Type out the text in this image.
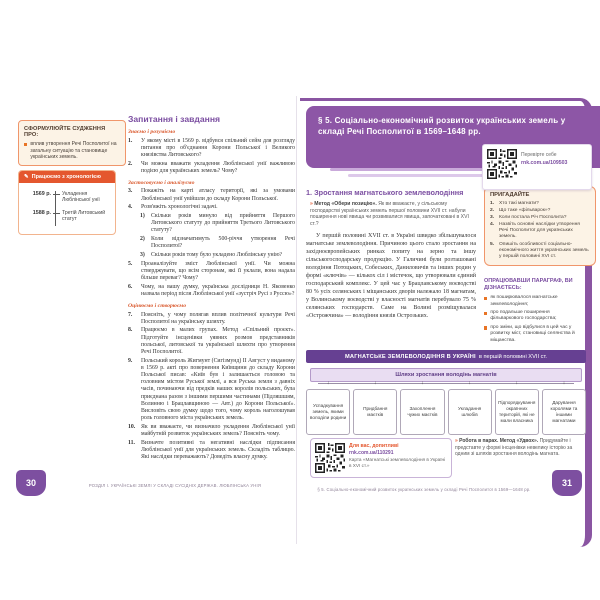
СФОРМУЛЮЙТЕ СУДЖЕННЯ ПРО:
вплив утворення Речі Посполитої на загальну ситуацію та становище українських земель.
✎ Працюємо з хронологією
1569 р.	Укладення Люблінської унії
1588 р.	Третій Литовський статут
Запитання і завдання
Знаємо і розуміємо
1. У якому місті в 1569 р. відбувся спільний сейм для розгляду питання про об'єднання Корони Польської і Великого князівства Литовського?
2. Чи можна вважати укладення Люблінської унії важливою подією для українських земель? Чому?
Застосовуємо і аналізуємо
3. Покажіть на карті атласу території, які за умовами Люблінської унії увійшли до складу Корони Польської.
4. Розв'яжіть хронологічні задачі.
1) Скільки років минуло від прийняття Першого Литовського статуту до прийняття Третього Литовського статуту?
2) Коли відзначатимуть 500-річчя утворення Речі Посполитої?
3) Скільки років тому було укладено Люблінську унію?
5. Проаналізуйте зміст Люблінської унії. Чи можна стверджувати, що всім сторонам, які її уклали, вона надала більше переваг? Чому?
6. Чому, на вашу думку, українська дослідниця Н. Яковенко назвала період після Люблінської унії «зустріч Русі з Руссю»?
Оцінюємо і створюємо
7. Поясніть, у чому полягав вплив політичної культури Речі Посполитої на українську шляхту.
8. Працюємо в малих групах. Метод «Спільний проєкт». Підготуйте інсценівки уявних розмов представників польської, литовської та української шляхти про утворення Речі Посполитої.
9. Польський король Жигмунт (Сигізмунд) ІІ Август у виданому в 1569 р. акті про повернення Київщини до складу Корони Польської писав: «Київ був і залишається головою та головним містом Руської землі, а вся Руська земля з давніх часів, починаючи від предків наших королів польських, була приєднана разом з іншими першими частинами (Підляшшям, Волинню і Брацлавщиною — Авт.) до Корони Польської». Висловіть свою думку щодо того, чому король наголошував роль головного міста українських земель.
10. Як ви вважаєте, чи визначило укладення Люблінської унії майбутній розвиток українських земель? Поясніть чому.
11. Визначте позитивні та негативні наслідки підписання Люблінської унії для українських земель. Складіть таблицю. Які наслідки переважають? Доведіть власну думку.
30	РОЗДІЛ І. УКРАЇНСЬКІ ЗЕМЛІ У СКЛАДІ СУСІДНІХ ДЕРЖАВ. ЛЮБЛІНСЬКА УНІЯ
§ 5. Соціально-економічний розвиток українських земель у складі Речі Посполитої в 1569–1648 рр.
Перевірте себе
rnk.com.ua/109503
1. Зростання магнатського землеволодіння
» Метод «Обери позицію». Як ви вважаєте, у сільському господарстві українських земель першої половини XVII ст. набули поширення нові явища чи розвивалися явища, започатковані в XVI ст.?
У першій половині XVII ст. в Україні швидко збільшувалося магнатське землеволодіння. Причиною цього стало зростання на західноєвропейських ринках попиту на зерно та іншу сільськогосподарську продукцію. У Галичині були розташовані володіння Потоцьких, Собеських, Даниловичів та інших родин у формі «ключів» — кількох сіл і містечок, що утворювали єдиний господарський комплекс. У цей час у Брацлавському воєводстві 80 % усіх селянських і міщанських дворів належало 18 магнатам, у Волинському воєводстві у власності магнатів перебувало 75 % селянських господарств. Саме на Волині розміщувалася «Острожчина» — володіння князів Острозьких.
ПРИГАДАЙТЕ
1. Хто такі магнати?
2. Що таке «фільварок»?
3. Коли постала Річ Посполита?
4. Назвіть основні наслідки утворення Речі Посполитої для українських земель.
5. Опишіть особливості соціально-економічного життя українських земель у першій половині XVI ст.
ОПРАЦЮВАВШИ ПАРАГРАФ, ВИ ДІЗНАЄТЕСЬ:
як поширювалося магнатське землеволодіння;
про подальше поширення фільваркового господарства;
про зміни, що відбулися в цей час у розвитку міст, становищі селянства й міщанства.
МАГНАТСЬКЕ ЗЕМЛЕВОЛОДІННЯ В УКРАЇНІ в першій половині XVII ст.
Шляхи зростання володінь магнатів
↓	↓	↓	↓	↓	↓
Успадкування земель, якими володіли родини
Придбання маєтків
Захоплення чужих маєтків
Укладання шлюбів
Підпорядкування окраїнних територій, які не мали власника
Дарування королями та іншими магнатами
Для вас, допитливі
rnk.com.ua/110291
Карта «Магнатські землеволодіння в Україні в XVI ст.»
» Робота в парах. Метод «Удвох». Придумайте і представте у формі інсценівки невелику історію за одним зі шляхів зростання володінь магната.
§ 5. Соціально-економічний розвиток українських земель у складі Речі Посполитої в 1569—1648 рр.
31
